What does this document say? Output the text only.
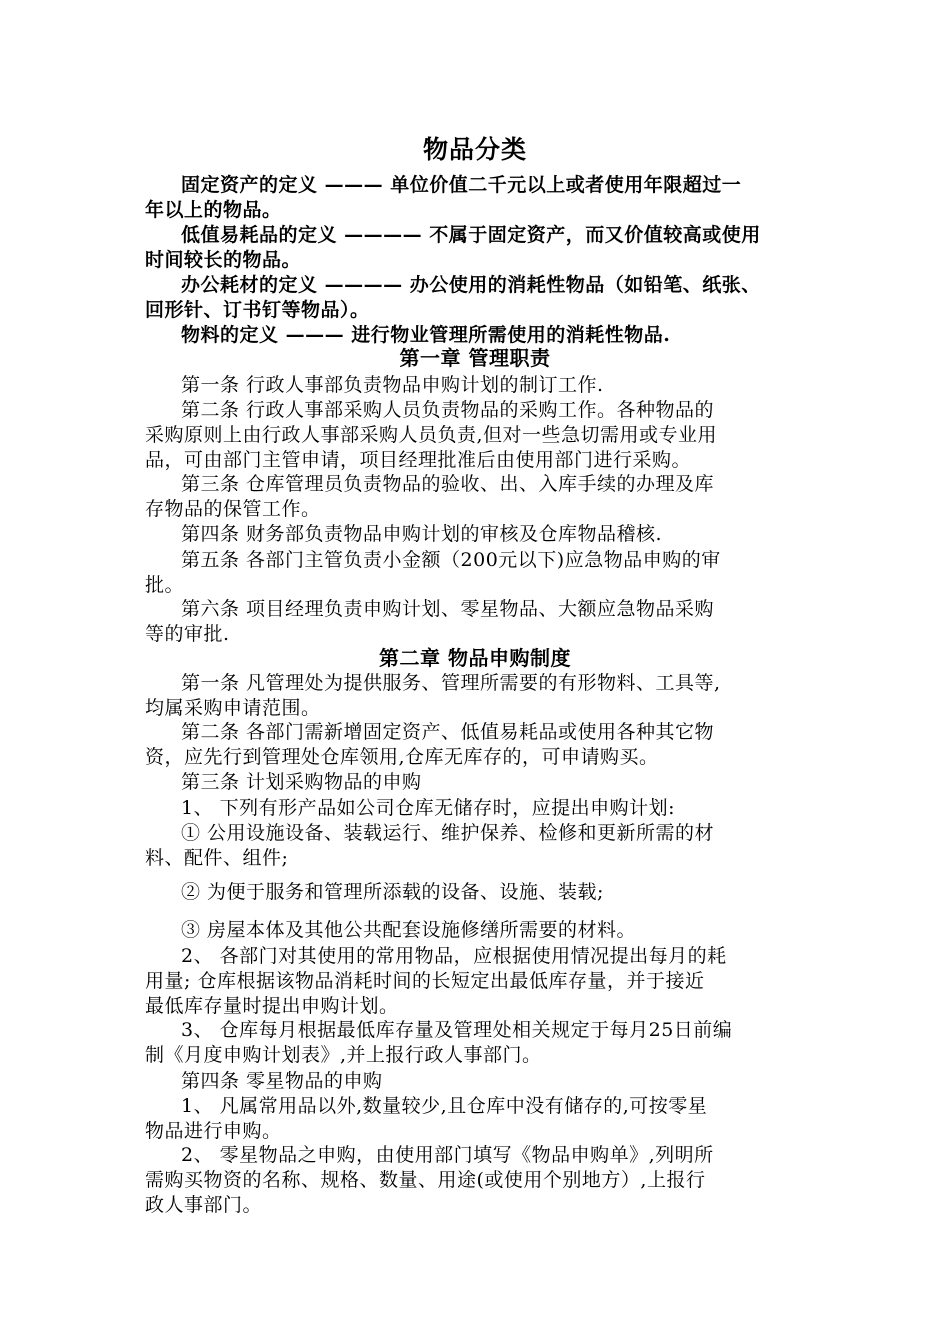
物品分类
固定资产的定义 ——— 单位价值二千元以上或者使用年限超过一
年以上的物品。
低值易耗品的定义 ———— 不属于固定资产，而又价值较高或使用
时间较长的物品。
办公耗材的定义 ———— 办公使用的消耗性物品（如铅笔、纸张、
回形针、订书钉等物品）。
物料的定义 ——— 进行物业管理所需使用的消耗性物品.
第一章 管理职责
第一条 行政人事部负责物品申购计划的制订工作.
第二条 行政人事部采购人员负责物品的采购工作。各种物品的
采购原则上由行政人事部采购人员负责,但对一些急切需用或专业用
品，可由部门主管申请，项目经理批准后由使用部门进行采购。
第三条 仓库管理员负责物品的验收、出、入库手续的办理及库
存物品的保管工作。
第四条 财务部负责物品申购计划的审核及仓库物品稽核.
第五条 各部门主管负责小金额（200元以下)应急物品申购的审
批。
第六条 项目经理负责申购计划、零星物品、大额应急物品采购
等的审批.
第二章 物品申购制度
第一条 凡管理处为提供服务、管理所需要的有形物料、工具等,
均属采购申请范围。
第二条 各部门需新增固定资产、低值易耗品或使用各种其它物
资，应先行到管理处仓库领用,仓库无库存的，可申请购买。
第三条 计划采购物品的申购
1、 下列有形产品如公司仓库无储存时，应提出申购计划:
① 公用设施设备、装载运行、维护保养、检修和更新所需的材
料、配件、组件;
② 为便于服务和管理所添载的设备、设施、装载;
③ 房屋本体及其他公共配套设施修缮所需要的材料。
2、 各部门对其使用的常用物品，应根据使用情况提出每月的耗
用量; 仓库根据该物品消耗时间的长短定出最低库存量，并于接近
最低库存量时提出申购计划。
3、 仓库每月根据最低库存量及管理处相关规定于每月25日前编
制《月度申购计划表》,并上报行政人事部门。
第四条 零星物品的申购
1、 凡属常用品以外,数量较少,且仓库中没有储存的,可按零星
物品进行申购。
2、 零星物品之申购，由使用部门填写《物品申购单》,列明所
需购买物资的名称、规格、数量、用途(或使用个别地方）,上报行
政人事部门。
